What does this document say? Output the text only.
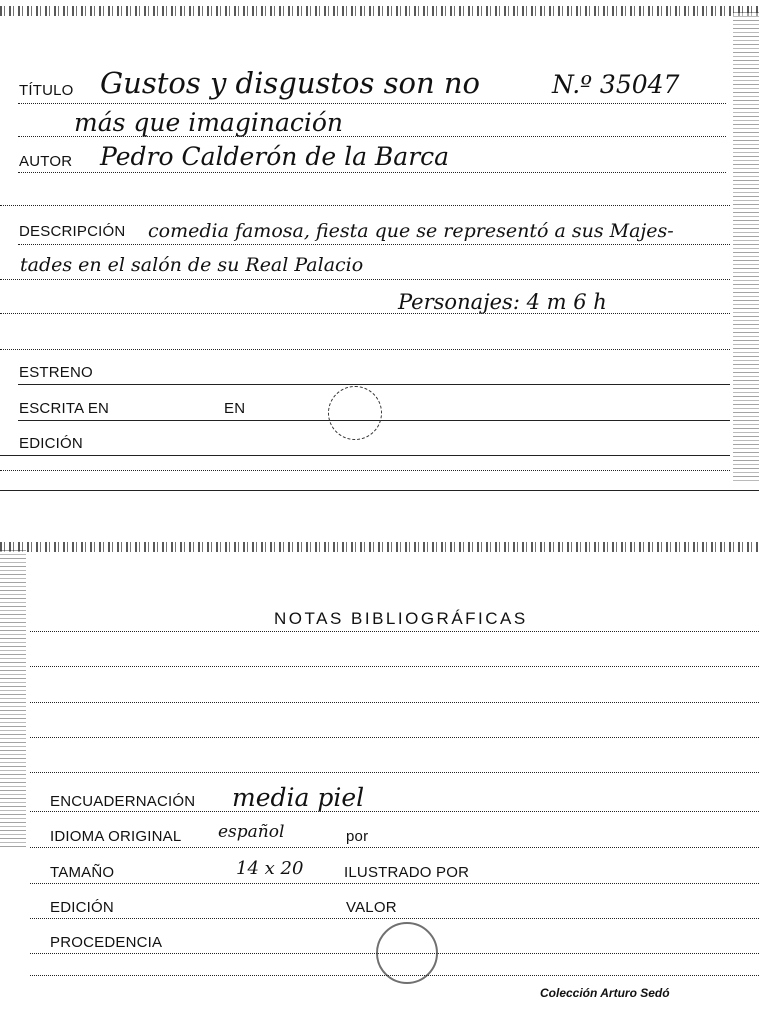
TÍTULO Gustos y disgustos son no	N.º 35047
más que imaginación
AUTOR Pedro Calderón de la Barca
DESCRIPCIÓN comedia famosa, fiesta que se representó a sus Majes-
tades en el salón de su Real Palacio
Personajes: 4 m 6 h
ESTRENO
ESCRITA EN	EN
EDICIÓN
NOTAS BIBLIOGRÁFICAS
ENCUADERNACIÓN media piel
IDIOMA ORIGINAL español	por
TAMAÑO	14 x 20	ILUSTRADO POR
EDICIÓN	VALOR
PROCEDENCIA
Colección Arturo Sedó
